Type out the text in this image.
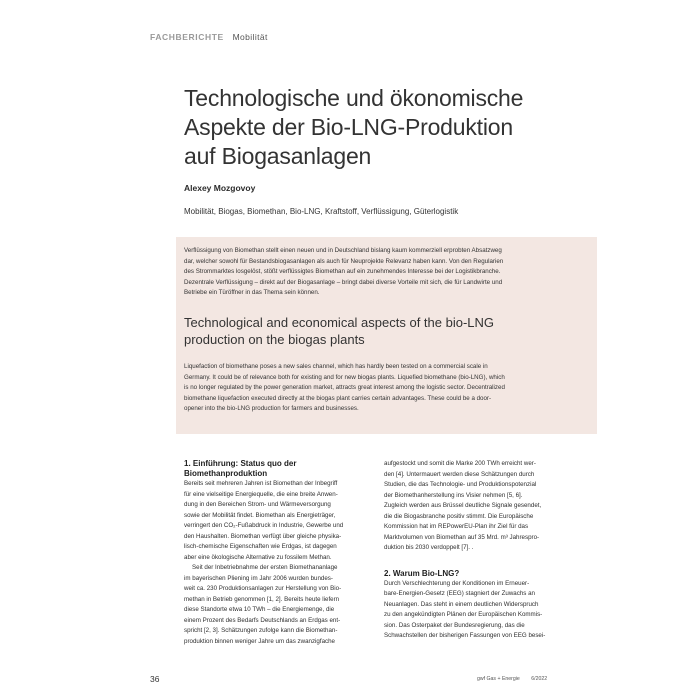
FACHBERICHTE Mobilität
Technologische und ökonomische
Aspekte der Bio-LNG-Produktion
auf Biogasanlagen
Alexey Mozgovoy
Mobilität, Biogas, Biomethan, Bio-LNG, Kraftstoff, Verflüssigung, Güterlogistik

Verflüssigung von Biomethan stellt einen neuen und in Deutschland bislang kaum kommerziell erprobten Absatzweg
dar, welcher sowohl für Bestandsbiogasanlagen als auch für Neuprojekte Relevanz haben kann. Von den Regularien
des Strommarktes losgelöst, stößt verflüssigtes Biomethan auf ein zunehmendes Interesse bei der Logistikbranche.
Dezentrale Verflüssigung – direkt auf der Biogasanlage – bringt dabei diverse Vorteile mit sich, die für Landwirte und
Betriebe ein Türöffner in das Thema sein können.

Technological and economical aspects of the bio-LNG
production on the biogas plants

Liquefaction of biomethane poses a new sales channel, which has hardly been tested on a commercial scale in
Germany. It could be of relevance both for existing and for new biogas plants. Liquefied biomethane (bio-LNG), which
is no longer regulated by the power generation market, attracts great interest among the logistic sector. Decentralized
biomethane liquefaction executed directly at the biogas plant carries certain advantages. These could be a door-
opener into the bio-LNG production for farmers and businesses.

1. Einführung: Status quo der
Biomethanproduktion

Bereits seit mehreren Jahren ist Biomethan der Inbegriff
für eine vielseitige Energiequelle, die eine breite Anwen-
dung in den Bereichen Strom- und Wärmeversorgung
sowie der Mobilität findet. Biomethan als Energieträger,
verringert den CO₂-Fußabdruck in Industrie, Gewerbe und
den Haushalten. Biomethan verfügt über gleiche physika-
lisch-chemische Eigenschaften wie Erdgas, ist dagegen
aber eine ökologische Alternative zu fossilem Methan.

Seit der Inbetriebnahme der ersten Biomethananlage
im bayerischen Pliening im Jahr 2006 wurden bundes-
weit ca. 230 Produktionsanlagen zur Herstellung von Bio-
methan in Betrieb genommen [1, 2]. Bereits heute liefern
diese Standorte etwa 10 TWh – die Energiemenge, die
einem Prozent des Bedarfs Deutschlands an Erdgas ent-
spricht [2, 3]. Schätzungen zufolge kann die Biomethan-
produktion binnen weniger Jahre um das zwanzigfache

aufgestockt und somit die Marke 200 TWh erreicht wer-
den [4]. Untermauert werden diese Schätzungen durch
Studien, die das Technologie- und Produktionspotenzial
der Biomethanherstellung ins Visier nehmen [5, 6].
Zugleich werden aus Brüssel deutliche Signale gesendet,
die die Biogasbranche positiv stimmt. Die Europäische
Kommission hat im REPowerEU-Plan ihr Ziel für das
Marktvolumen von Biomethan auf 35 Mrd. m³ Jahrespro-
duktion bis 2030 verdoppelt [7]. .

2. Warum Bio-LNG?

Durch Verschlechterung der Konditionen im Erneuer-
bare-Energien-Gesetz (EEG) stagniert der Zuwachs an
Neuanlagen. Das steht in einem deutlichen Widerspruch
zu den angekündigten Plänen der Europäischen Kommis-
sion. Das Osterpaket der Bundesregierung, das die
Schwachstellen der bisherigen Fassungen von EEG besei-

36	gwf Gas + Energie 6/2022
